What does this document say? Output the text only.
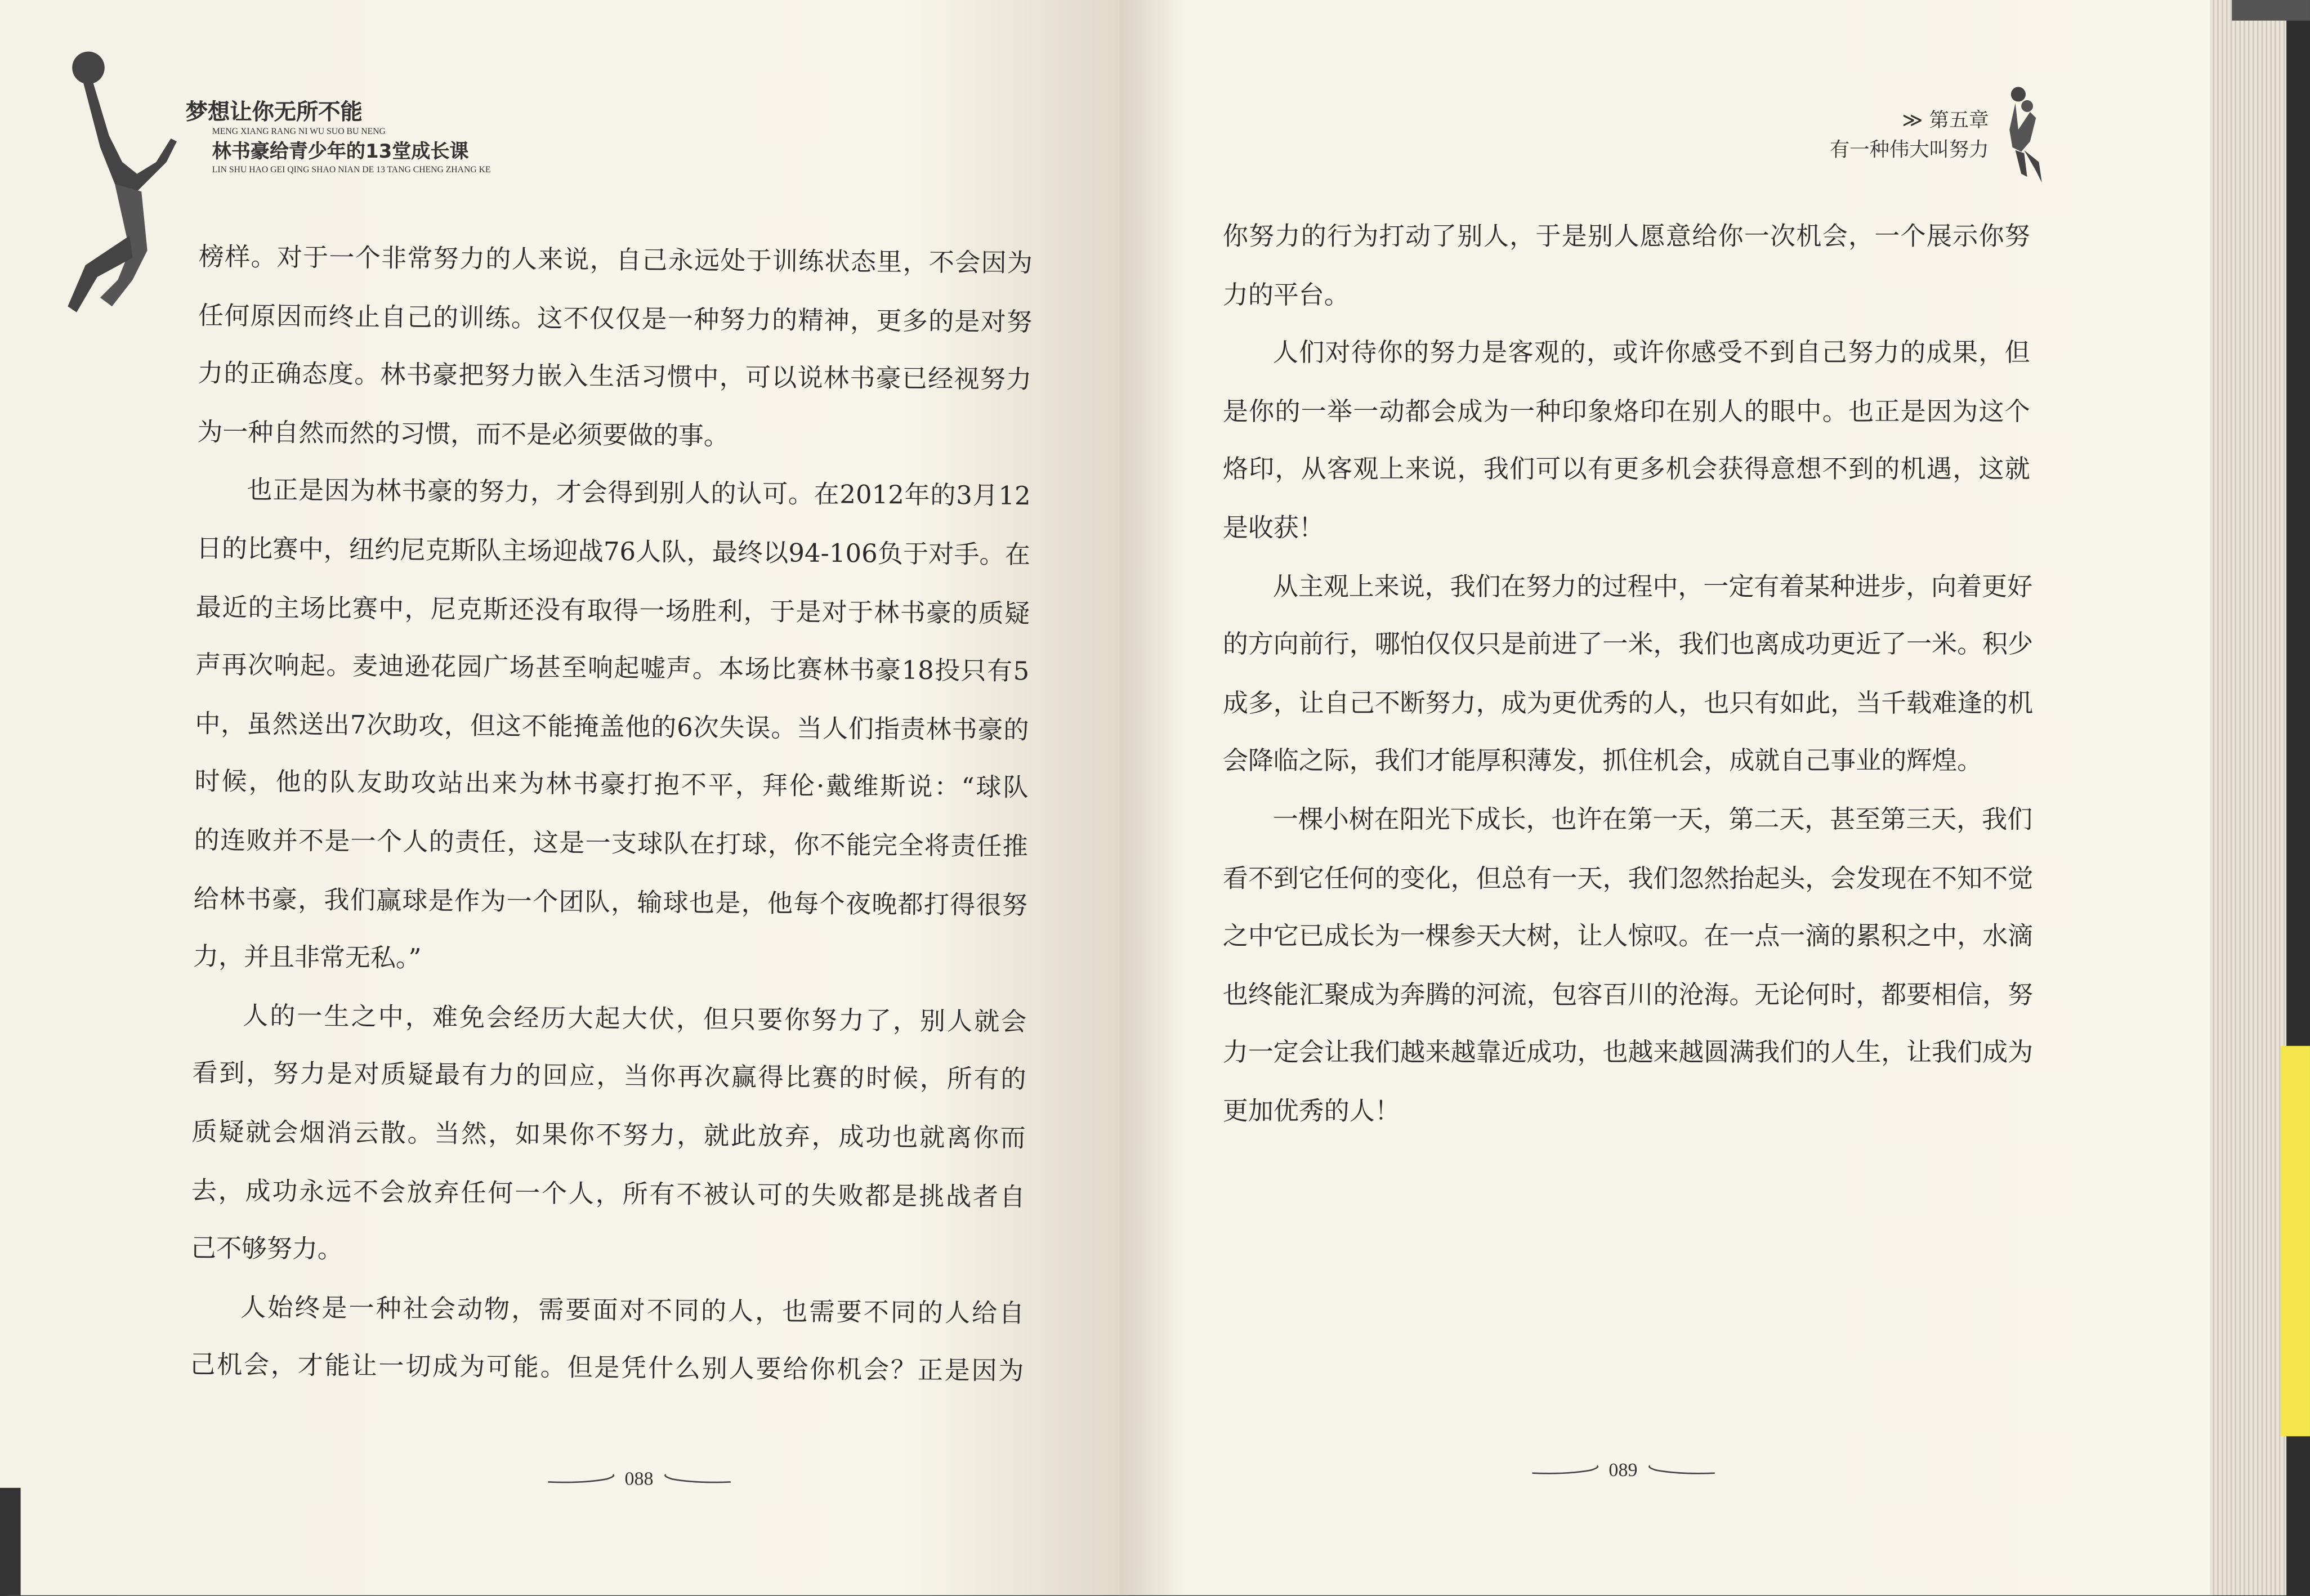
梦想让你无所不能
MENG XIANG RANG NI WU SUO BU NENG
林书豪给青少年的13堂成长课
LIN SHU HAO GEI QING SHAO NIAN DE 13 TANG CHENG ZHANG KE
榜样。对于一个非常努力的人来说，自己永远处于训练状态里，不会因为
任何原因而终止自己的训练。这不仅仅是一种努力的精神，更多的是对努
力的正确态度。林书豪把努力嵌入生活习惯中，可以说林书豪已经视努力
为一种自然而然的习惯，而不是必须要做的事。
也正是因为林书豪的努力，才会得到别人的认可。在2012年的3月12
日的比赛中，纽约尼克斯队主场迎战76人队，最终以94-106负于对手。在
最近的主场比赛中，尼克斯还没有取得一场胜利，于是对于林书豪的质疑
声再次响起。麦迪逊花园广场甚至响起嘘声。本场比赛林书豪18投只有5
中，虽然送出7次助攻，但这不能掩盖他的6次失误。当人们指责林书豪的
时候，他的队友助攻站出来为林书豪打抱不平，拜伦·戴维斯说：“球队
的连败并不是一个人的责任，这是一支球队在打球，你不能完全将责任推
给林书豪，我们赢球是作为一个团队，输球也是，他每个夜晚都打得很努
力，并且非常无私。”
人的一生之中，难免会经历大起大伏，但只要你努力了，别人就会
看到，努力是对质疑最有力的回应，当你再次赢得比赛的时候，所有的
质疑就会烟消云散。当然，如果你不努力，就此放弃，成功也就离你而
去，成功永远不会放弃任何一个人，所有不被认可的失败都是挑战者自
己不够努力。
人始终是一种社会动物，需要面对不同的人，也需要不同的人给自
己机会，才能让一切成为可能。但是凭什么别人要给你机会？正是因为
088
≫ 第五章
有一种伟大叫努力
你努力的行为打动了别人，于是别人愿意给你一次机会，一个展示你努
力的平台。
人们对待你的努力是客观的，或许你感受不到自己努力的成果，但
是你的一举一动都会成为一种印象烙印在别人的眼中。也正是因为这个
烙印，从客观上来说，我们可以有更多机会获得意想不到的机遇，这就
是收获！
从主观上来说，我们在努力的过程中，一定有着某种进步，向着更好
的方向前行，哪怕仅仅只是前进了一米，我们也离成功更近了一米。积少
成多，让自己不断努力，成为更优秀的人，也只有如此，当千载难逢的机
会降临之际，我们才能厚积薄发，抓住机会，成就自己事业的辉煌。
一棵小树在阳光下成长，也许在第一天，第二天，甚至第三天，我们
看不到它任何的变化，但总有一天，我们忽然抬起头，会发现在不知不觉
之中它已成长为一棵参天大树，让人惊叹。在一点一滴的累积之中，水滴
也终能汇聚成为奔腾的河流，包容百川的沧海。无论何时，都要相信，努
力一定会让我们越来越靠近成功，也越来越圆满我们的人生，让我们成为
更加优秀的人！
089
